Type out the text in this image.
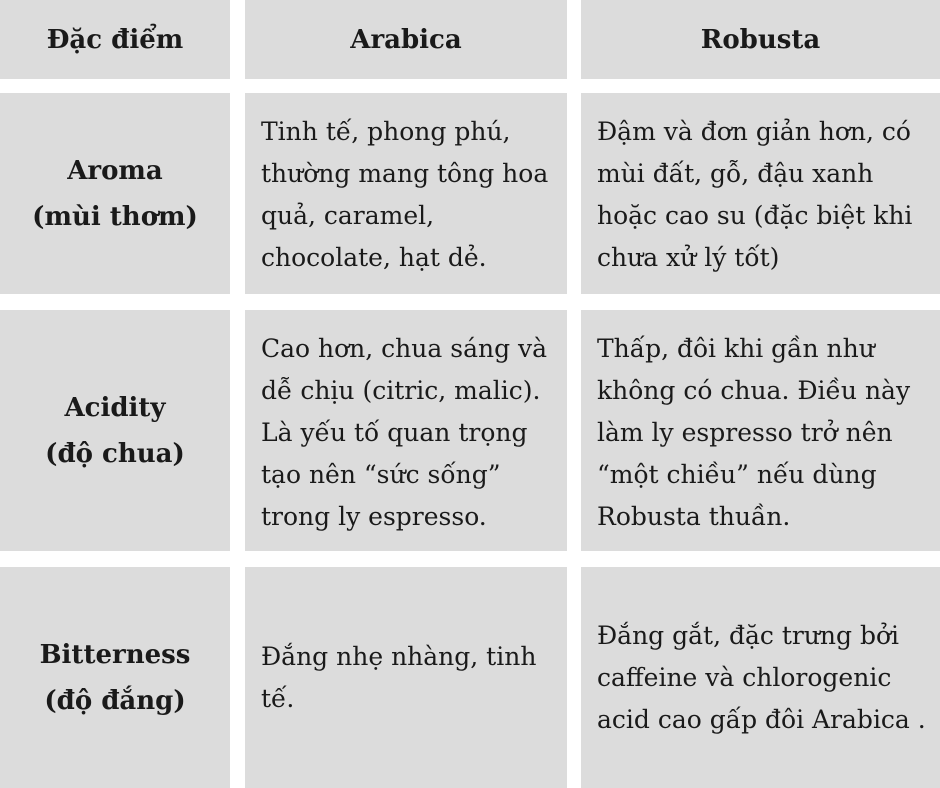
Đặc điểm	Arabica	Robusta
Aroma
(mùi thơm)
Tinh tế, phong phú, thường mang tông hoa quả, caramel, chocolate, hạt dẻ.
Đậm và đơn giản hơn, có mùi đất, gỗ, đậu xanh hoặc cao su (đặc biệt khi chưa xử lý tốt)
Acidity
(độ chua)
Cao hơn, chua sáng và dễ chịu (citric, malic). Là yếu tố quan trọng tạo nên “sức sống” trong ly espresso.
Thấp, đôi khi gần như không có chua. Điều này làm ly espresso trở nên “một chiều” nếu dùng Robusta thuần.
Bitterness
(độ đắng)
Đắng nhẹ nhàng, tinh tế.
Đắng gắt, đặc trưng bởi caffeine và chlorogenic acid cao gấp đôi Arabica .
